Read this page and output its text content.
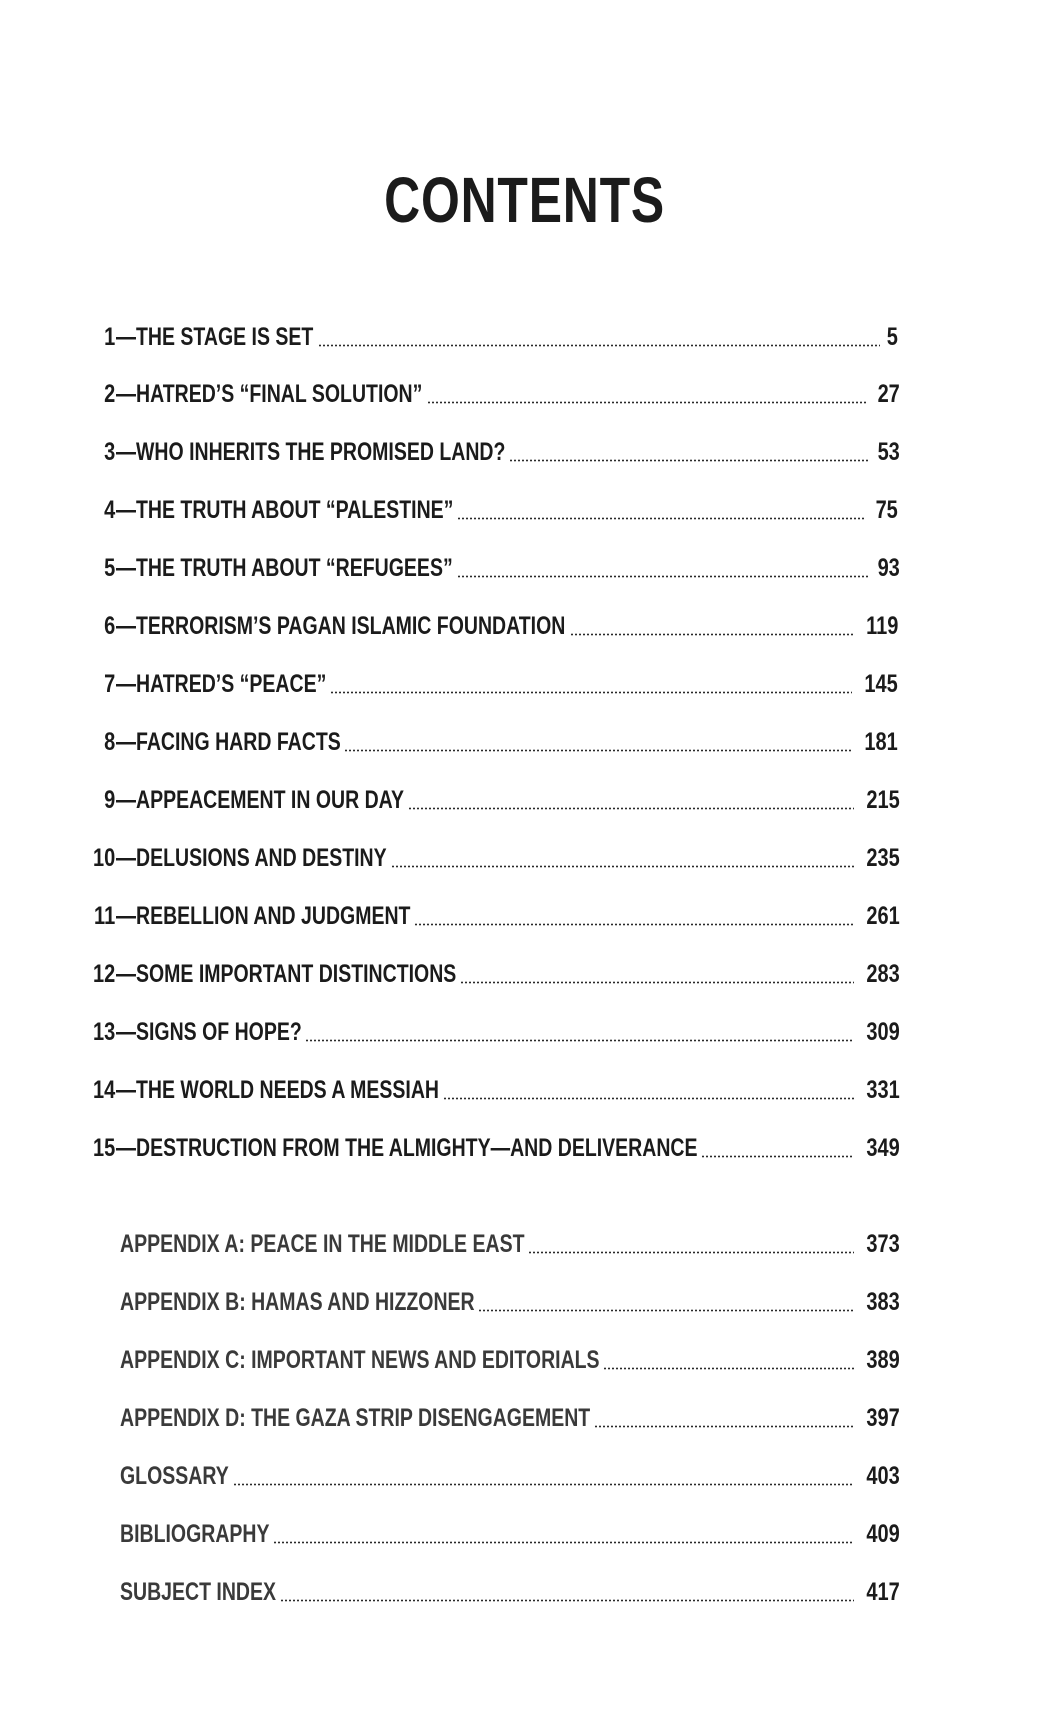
CONTENTS
1 — THE STAGE IS SET	5
2 — HATRED’S “FINAL SOLUTION”	27
3 — WHO INHERITS THE PROMISED LAND?	53
4 — THE TRUTH ABOUT “PALESTINE”	75
5 — THE TRUTH ABOUT “REFUGEES”	93
6 — TERRORISM’S PAGAN ISLAMIC FOUNDATION	119
7 — HATRED’S “PEACE”	145
8 — FACING HARD FACTS	181
9 — APPEACEMENT IN OUR DAY	215
10 — DELUSIONS AND DESTINY	235
11 — REBELLION AND JUDGMENT	261
12 — SOME IMPORTANT DISTINCTIONS	283
13 — SIGNS OF HOPE?	309
14 — THE WORLD NEEDS A MESSIAH	331
15 — DESTRUCTION FROM THE ALMIGHTY—AND DELIVERANCE	349
APPENDIX A: PEACE IN THE MIDDLE EAST	373
APPENDIX B: HAMAS AND HIZZONER	383
APPENDIX C: IMPORTANT NEWS AND EDITORIALS	389
APPENDIX D: THE GAZA STRIP DISENGAGEMENT	397
GLOSSARY	403
BIBLIOGRAPHY	409
SUBJECT INDEX	417
